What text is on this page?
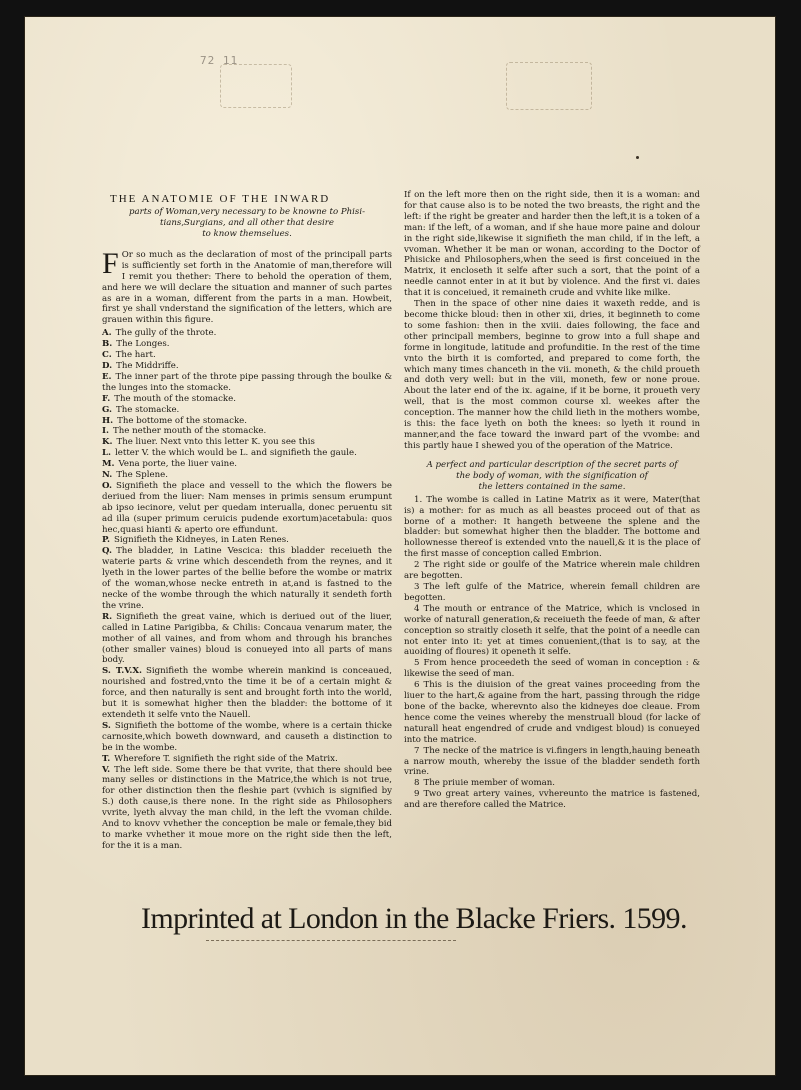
72 11
THE ANATOMIE OF THE INWARD
parts of Woman,very necessary to be knowne to Phisi-
tians,Surgians, and all other that desire
to know themselues.

F Or so much as the declaration of most of the principall parts is sufficiently set forth in the Anatomie of man,therefore will I remit you thether: There to behold the operation of them, and here we will declare the situation and manner of such partes as are in a woman, different from the parts in a man. Howbeit, first ye shall vnderstand the signification of the letters, which are grauen within this figure.

A. The gully of the throte.

B. The Longes.

C. The hart.

D. The Middriffe.

E. The inner part of the throte pipe passing through the boulke & the lunges into the stomacke.

F. The mouth of the stomacke.

G. The stomacke.

H. The bottome of the stomacke.

I. The nether mouth of the stomacke.

K. The liuer. Next vnto this letter K. you see this

L. letter V. the which would be L. and signifieth the gaule.

M. Vena porte, the liuer vaine.

N. The Splene.

O. Signifieth the place and vessell to the which the flowers be deriued from the liuer: Nam menses in primis sensum erumpunt ab ipso iecinore, velut per quedam interualla, donec peruentu sit ad illa (super primum ceruicis pudende exortum)acetabula: quos hec,quasi hianti & aperto ore effundunt.

P. Signifieth the Kidneyes, in Laten Renes.

Q. The bladder, in Latine Vescica: this bladder receiueth the waterie parts & vrine which descendeth from the reynes, and it lyeth in the lower partes of the bellie before the wombe or matrix of the woman,whose necke entreth in at,and is fastned to the necke of the wombe through the which naturally it sendeth forth the vrine.

R. Signifieth the great vaine, which is deriued out of the liuer, called in Latine Parigibba, & Chilis: Concaua venarum mater, the mother of all vaines, and from whom and through his branches (other smaller vaines) bloud is conueyed into all parts of mans body.

S. T.V.X. Signifieth the wombe wherein mankind is conceaued, nourished and fostred,vnto the time it be of a certain might & force, and then naturally is sent and brought forth into the world, but it is somewhat higher then the bladder: the bottome of it extendeth it selfe vnto the Nauell.

S. Signifieth the bottome of the wombe, where is a certain thicke carnosite,which boweth downward, and causeth a distinction to be in the wombe.

T. Wherefore T. signifieth the right side of the Matrix.

V. The left side. Some there be that vvrite, that there should bee many selles or distinctions in the Matrice,the which is not true, for other distinction then the fleshie part (vvhich is signified by S.) doth cause,is there none. In the right side as Philosophers vvrite, lyeth alvvay the man child, in the left the vvoman childe. And to knovv vvhether the conception be male or female,they bid to marke vvhether it moue more on the right side then the left, for the it is a man.

If on the left more then on the right side, then it is a woman: and for that cause also is to be noted the two breasts, the right and the left: if the right be greater and harder then the left,it is a token of a man: if the left, of a woman, and if she haue more paine and dolour in the right side,likewise it signifieth the man child, if in the left, a vvoman. Whether it be man or wonan, according to the Doctor of Phisicke and Philosophers,when the seed is first conceiued in the Matrix, it encloseth it selfe after such a sort, that the point of a needle cannot enter in at it but by violence. And the first vi. daies that it is conceiued, it remaineth crude and vvhite like milke.

Then in the space of other nine daies it waxeth redde, and is become thicke bloud: then in other xii, dries, it beginneth to come to some fashion: then in the xviii. daies following, the face and other principall members, beginne to grow into a full shape and forme in longitude, latitude and profunditie. In the rest of the time vnto the birth it is comforted, and prepared to come forth, the which many times chanceth in the vii. moneth, & the child proueth and doth very well: but in the viii, moneth, few or none proue. About the later end of the ix. againe, if it be borne, it proueth very well, that is the most common course xl. weekes after the conception. The manner how the child lieth in the mothers wombe, is this: the face lyeth on both the knees: so lyeth it round in manner,and the face toward the inward part of the vvombe: and this partly haue I shewed you of the operation of the Matrice.

A perfect and particular description of the secret parts of
the body of woman, with the signification of
the letters contained in the same.

1. The wombe is called in Latine Matrix as it were, Mater(that is) a mother: for as much as all beastes proceed out of that as borne of a mother: It hangeth betweene the splene and the bladder: but somewhat higher then the bladder. The bottome and hollownesse thereof is extended vnto the nauell,& it is the place of the first masse of conception called Embrion.

2 The right side or goulfe of the Matrice wherein male children are begotten.

3 The left gulfe of the Matrice, wherein femall children are begotten.

4 The mouth or entrance of the Matrice, which is vnclosed in worke of naturall generation,& receiueth the feede of man, & after conception so straitly closeth it selfe, that the point of a needle can not enter into it: yet at times conuenient,(that is to say, at the auoiding of floures) it openeth it selfe.

5 From hence proceedeth the seed of woman in conception : & likewise the seed of man.

6 This is the diuision of the great vaines proceeding from the liuer to the hart,& againe from the hart, passing through the ridge bone of the backe, wherevnto also the kidneyes doe cleaue. From hence come the veines whereby the menstruall bloud (for lacke of naturall heat engendred of crude and vndigest bloud) is conueyed into the matrice.

7 The necke of the matrice is vi.fingers in length,hauing beneath a narrow mouth, whereby the issue of the bladder sendeth forth vrine.

8 The priuie member of woman.

9 Two great artery vaines, vvhereunto the matrice is fastened, and are therefore called the Matrice.

Imprinted at London in the Blacke Friers. 1599.
